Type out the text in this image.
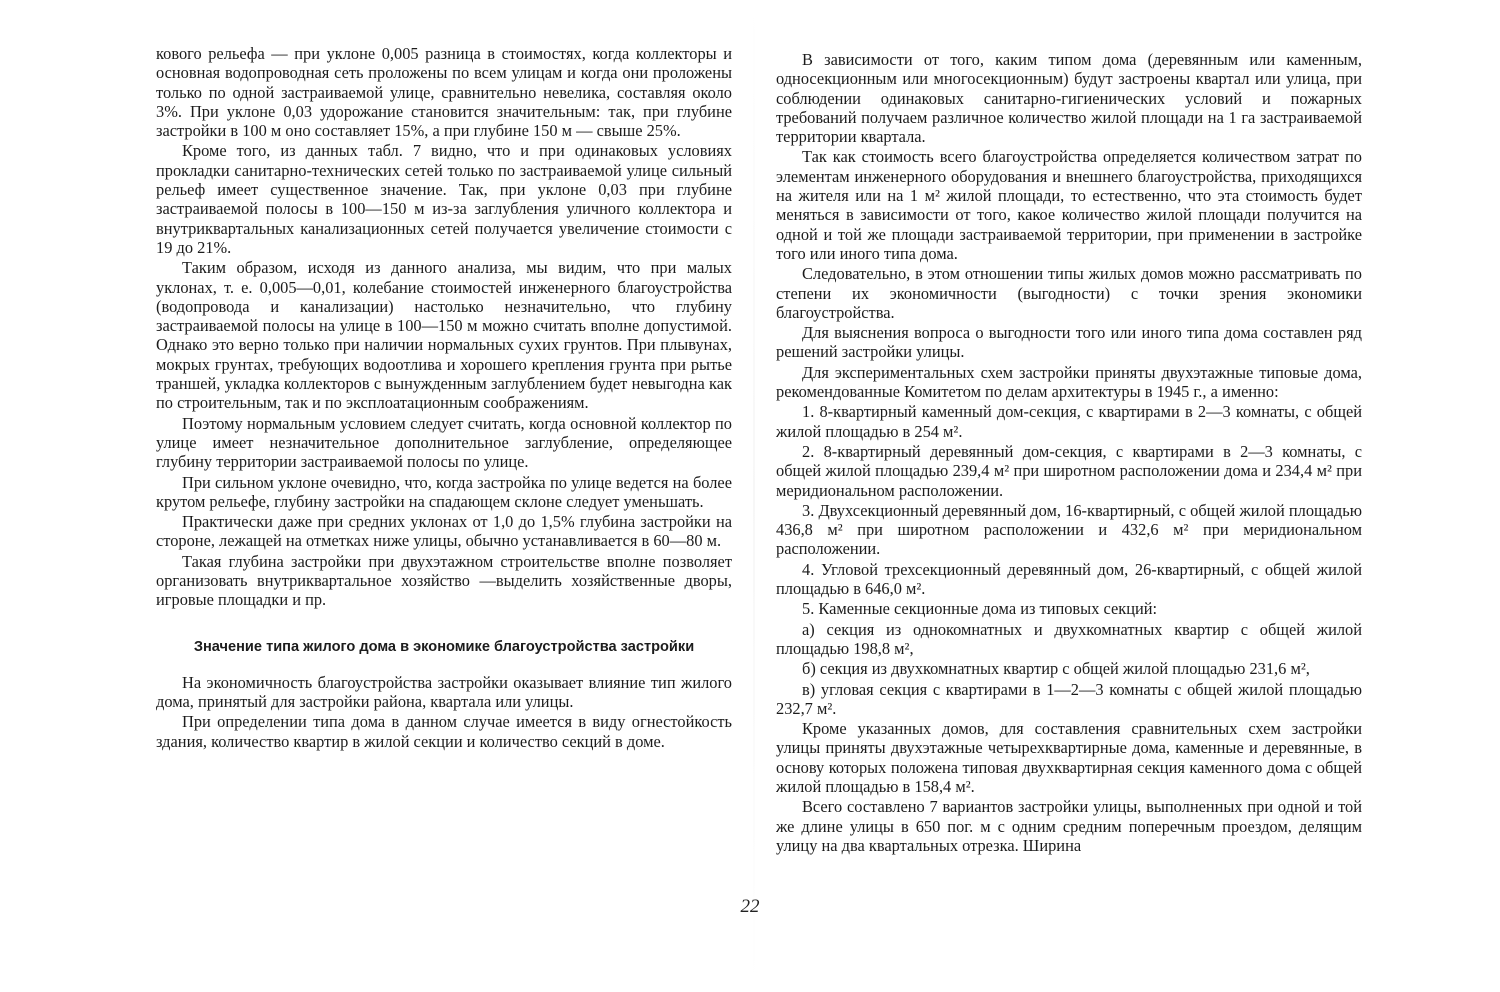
кового рельефа — при уклоне 0,005 разница в стоимостях, когда коллекторы и основная водопроводная сеть проложены по всем улицам и когда они проложены только по одной застраиваемой улице, сравнительно невелика, составляя около 3%. При уклоне 0,03 удорожание становится значительным: так, при глубине застройки в 100 м оно составляет 15%, а при глубине 150 м — свыше 25%.

Кроме того, из данных табл. 7 видно, что и при одинаковых условиях прокладки санитарно-технических сетей только по застраиваемой улице сильный рельеф имеет существенное значение. Так, при уклоне 0,03 при глубине застраиваемой полосы в 100—150 м из-за заглубления уличного коллектора и внутриквартальных канализационных сетей получается увеличение стоимости с 19 до 21%.

Таким образом, исходя из данного анализа, мы видим, что при малых уклонах, т. е. 0,005—0,01, колебание стоимостей инженерного благоустройства (водопровода и канализации) настолько незначительно, что глубину застраиваемой полосы на улице в 100—150 м можно считать вполне допустимой. Однако это верно только при наличии нормальных сухих грунтов. При плывунах, мокрых грунтах, требующих водоотлива и хорошего крепления грунта при рытье траншей, укладка коллекторов с вынужденным заглублением будет невыгодна как по строительным, так и по эксплоатационным соображениям.

Поэтому нормальным условием следует считать, когда основной коллектор по улице имеет незначительное дополнительное заглубление, определяющее глубину территории застраиваемой полосы по улице.

При сильном уклоне очевидно, что, когда застройка по улице ведется на более крутом рельефе, глубину застройки на спадающем склоне следует уменьшать.

Практически даже при средних уклонах от 1,0 до 1,5% глубина застройки на стороне, лежащей на отметках ниже улицы, обычно устанавливается в 60—80 м.

Такая глубина застройки при двухэтажном строительстве вполне позволяет организовать внутриквартальное хозяйство —выделить хозяйственные дворы, игровые площадки и пр.

Значение типа жилого дома в экономике благоустройства застройки

На экономичность благоустройства застройки оказывает влияние тип жилого дома, принятый для застройки района, квартала или улицы.

При определении типа дома в данном случае имеется в виду огнестойкость здания, количество квартир в жилой секции и количество секций в доме.

В зависимости от того, каким типом дома (деревянным или каменным, односекционным или многосекционным) будут застроены квартал или улица, при соблюдении одинаковых санитарно-гигиенических условий и пожарных требований получаем различное количество жилой площади на 1 га застраиваемой территории квартала.

Так как стоимость всего благоустройства определяется количеством затрат по элементам инженерного оборудования и внешнего благоустройства, приходящихся на жителя или на 1 м² жилой площади, то естественно, что эта стоимость будет меняться в зависимости от того, какое количество жилой площади получится на одной и той же площади застраиваемой территории, при применении в застройке того или иного типа дома.

Следовательно, в этом отношении типы жилых домов можно рассматривать по степени их экономичности (выгодности) с точки зрения экономики благоустройства.

Для выяснения вопроса о выгодности того или иного типа дома составлен ряд решений застройки улицы.

Для экспериментальных схем застройки приняты двухэтажные типовые дома, рекомендованные Комитетом по делам архитектуры в 1945 г., а именно:

1. 8-квартирный каменный дом-секция, с квартирами в 2—3 комнаты, с общей жилой площадью в 254 м².

2. 8-квартирный деревянный дом-секция, с квартирами в 2—3 комнаты, с общей жилой площадью 239,4 м² при широтном расположении дома и 234,4 м² при меридиональном расположении.

3. Двухсекционный деревянный дом, 16-квартирный, с общей жилой площадью 436,8 м² при широтном расположении и 432,6 м² при меридиональном расположении.

4. Угловой трехсекционный деревянный дом, 26-квартирный, с общей жилой площадью в 646,0 м².

5. Каменные секционные дома из типовых секций:

а) секция из однокомнатных и двухкомнатных квартир с общей жилой площадью 198,8 м²,

б) секция из двухкомнатных квартир с общей жилой площадью 231,6 м²,

в) угловая секция с квартирами в 1—2—3 комнаты с общей жилой площадью 232,7 м².

Кроме указанных домов, для составления сравнительных схем застройки улицы приняты двухэтажные четырехквартирные дома, каменные и деревянные, в основу которых положена типовая двухквартирная секция каменного дома с общей жилой площадью в 158,4 м².

Всего составлено 7 вариантов застройки улицы, выполненных при одной и той же длине улицы в 650 пог. м с одним средним поперечным проездом, делящим улицу на два квартальных отрезка. Ширина

22
